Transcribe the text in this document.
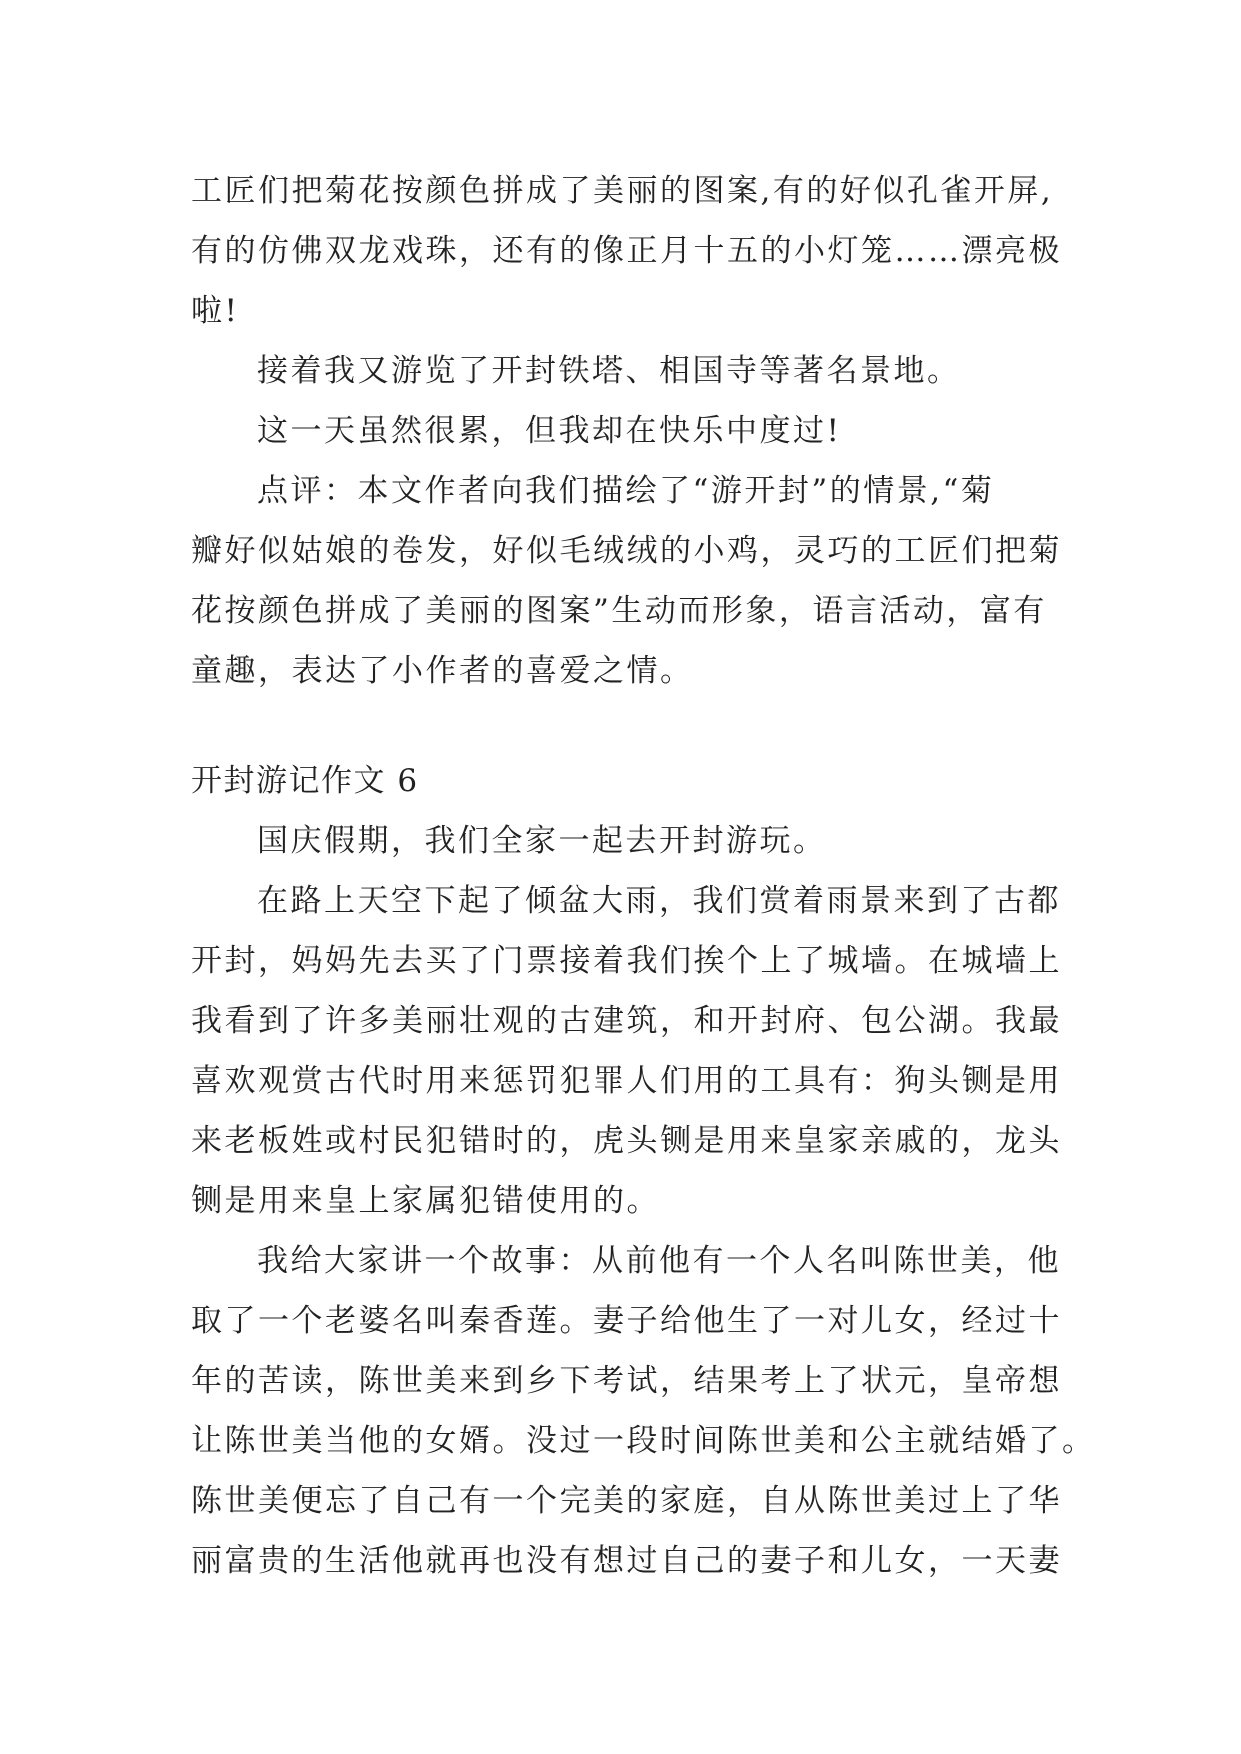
工匠们把菊花按颜色拼成了美丽的图案,有的好似孔雀开屏,
有的仿佛双龙戏珠，还有的像正月十五的小灯笼……漂亮极
啦!
接着我又游览了开封铁塔、相国寺等著名景地。
这一天虽然很累，但我却在快乐中度过!
点评：本文作者向我们描绘了“游开封”的情景,“菊
瓣好似姑娘的卷发，好似毛绒绒的小鸡，灵巧的工匠们把菊
花按颜色拼成了美丽的图案”生动而形象，语言活动，富有
童趣，表达了小作者的喜爱之情。
开封游记作文 6
国庆假期，我们全家一起去开封游玩。
在路上天空下起了倾盆大雨，我们赏着雨景来到了古都
开封，妈妈先去买了门票接着我们挨个上了城墙。在城墙上
我看到了许多美丽壮观的古建筑，和开封府、包公湖。我最
喜欢观赏古代时用来惩罚犯罪人们用的工具有：狗头铡是用
来老板姓或村民犯错时的，虎头铡是用来皇家亲戚的，龙头
铡是用来皇上家属犯错使用的。
我给大家讲一个故事：从前他有一个人名叫陈世美，他
取了一个老婆名叫秦香莲。妻子给他生了一对儿女，经过十
年的苦读，陈世美来到乡下考试，结果考上了状元，皇帝想
让陈世美当他的女婿。没过一段时间陈世美和公主就结婚了。
陈世美便忘了自己有一个完美的家庭，自从陈世美过上了华
丽富贵的生活他就再也没有想过自己的妻子和儿女，一天妻
